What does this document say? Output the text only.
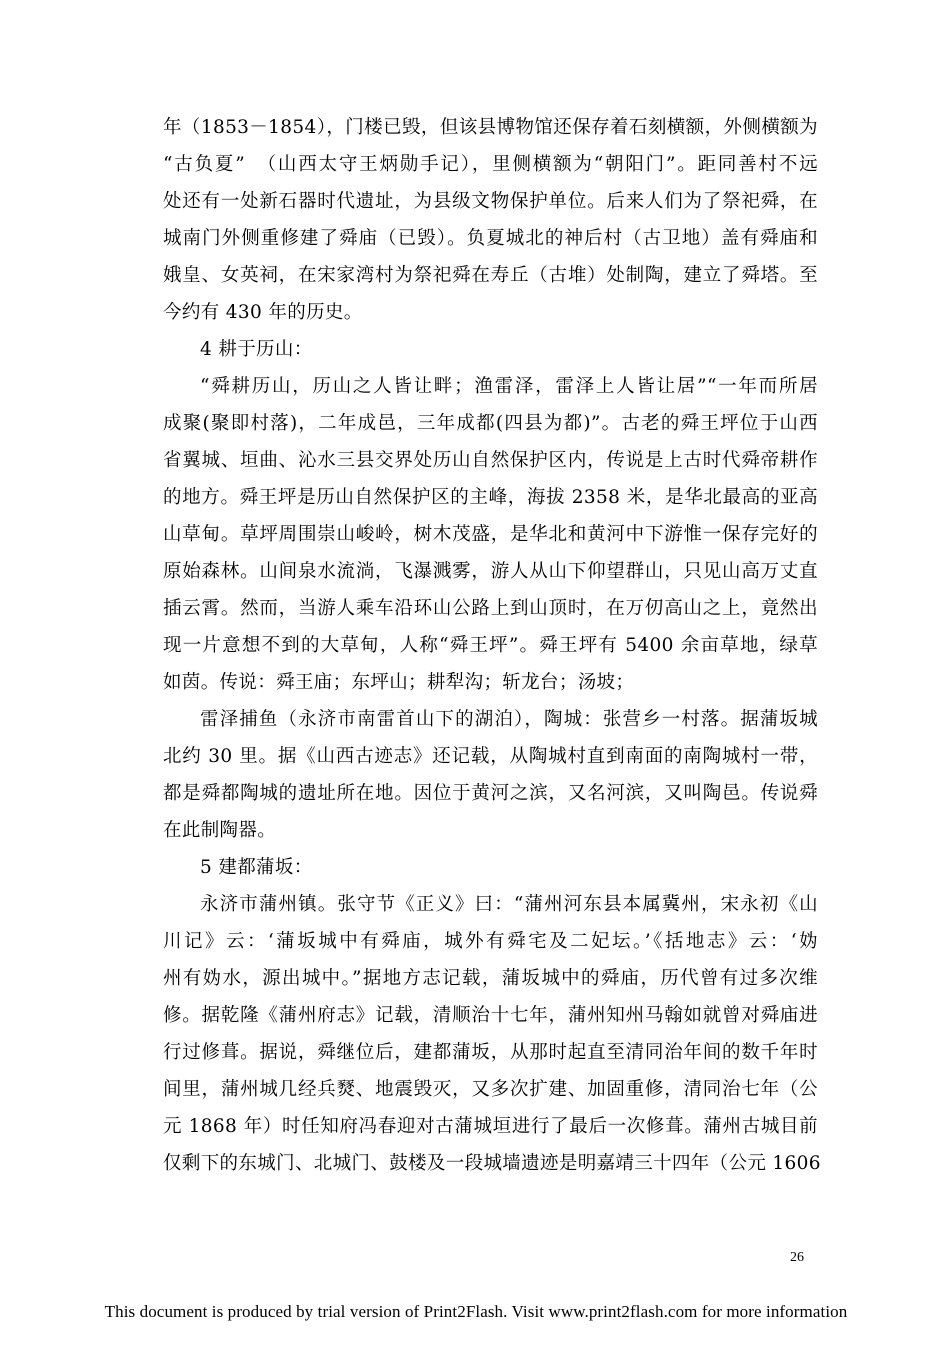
年（1853－1854），门楼已毁，但该县博物馆还保存着石刻横额，外侧横额为
“古负夏”　（山西太守王炳勋手记），里侧横额为“朝阳门”。距同善村不远
处还有一处新石器时代遗址，为县级文物保护单位。后来人们为了祭祀舜，在
城南门外侧重修建了舜庙（已毁）。负夏城北的神后村（古卫地）盖有舜庙和
娥皇、女英祠，在宋家湾村为祭祀舜在寿丘（古堆）处制陶，建立了舜塔。至
今约有 430 年的历史。
4 耕于历山：
“舜耕历山，历山之人皆让畔；渔雷泽，雷泽上人皆让居”“一年而所居
成聚(聚即村落)，二年成邑，三年成都(四县为都)”。古老的舜王坪位于山西
省翼城、垣曲、沁水三县交界处历山自然保护区内，传说是上古时代舜帝耕作
的地方。舜王坪是历山自然保护区的主峰，海拔 2358 米，是华北最高的亚高
山草甸。草坪周围崇山峻岭，树木茂盛，是华北和黄河中下游惟一保存完好的
原始森林。山间泉水流淌，飞瀑溅雾，游人从山下仰望群山，只见山高万丈直
插云霄。然而，当游人乘车沿环山公路上到山顶时，在万仞高山之上，竟然出
现一片意想不到的大草甸，人称“舜王坪”。舜王坪有 5400 余亩草地，绿草
如茵。传说：舜王庙；东坪山；耕犁沟；斩龙台；汤坡；
雷泽捕鱼（永济市南雷首山下的湖泊），陶城：张营乡一村落。据蒲坂城
北约 30 里。据《山西古迹志》还记载，从陶城村直到南面的南陶城村一带，
都是舜都陶城的遗址所在地。因位于黄河之滨，又名河滨，又叫陶邑。传说舜
在此制陶器。
5 建都蒲坂：
永济市蒲州镇。张守节《正义》曰：“蒲州河东县本属冀州，宋永初《山
川记》云：‘蒲坂城中有舜庙，城外有舜宅及二妃坛。’《括地志》云：‘妫
州有妫水，源出城中。”据地方志记载，蒲坂城中的舜庙，历代曾有过多次维
修。据乾隆《蒲州府志》记载，清顺治十七年，蒲州知州马翰如就曾对舜庙进
行过修葺。据说，舜继位后，建都蒲坂，从那时起直至清同治年间的数千年时
间里，蒲州城几经兵燹、地震毁灭，又多次扩建、加固重修，清同治七年（公
元 1868 年）时任知府冯春迎对古蒲城垣进行了最后一次修葺。蒲州古城目前
仅剩下的东城门、北城门、鼓楼及一段城墙遗迹是明嘉靖三十四年（公元 1606
26
This document is produced by trial version of Print2Flash. Visit www.print2flash.com for more information
